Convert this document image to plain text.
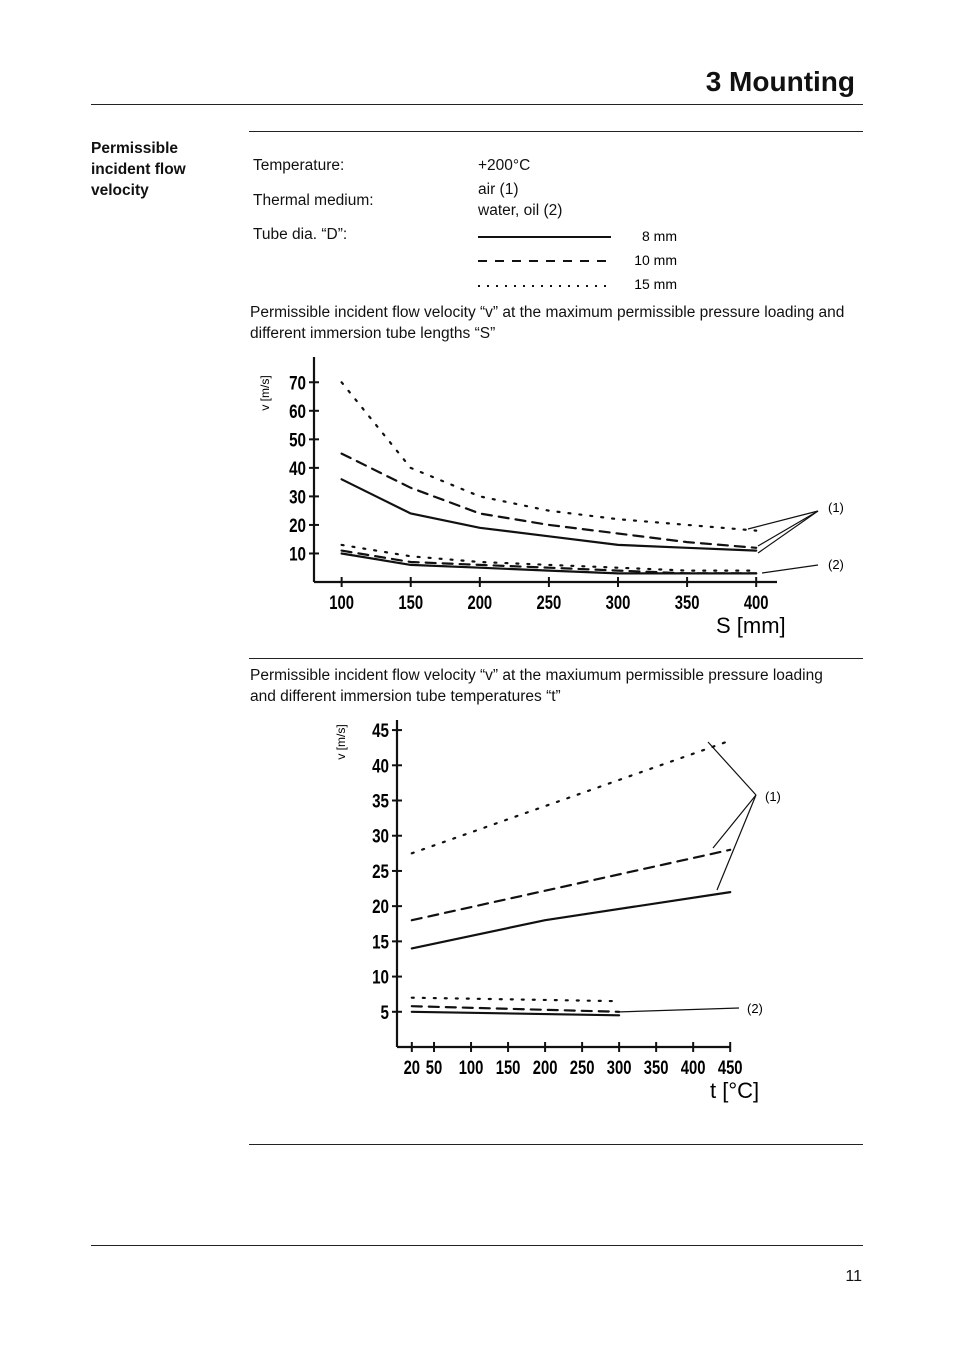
3 Mounting
Permissible incident flow velocity
Temperature:	+200°C
Thermal medium:
air (1)
water, oil (2)
Tube dia. “D”:	8 mm
10 mm
15 mm
Permissible incident flow velocity “v” at the maximum permissible pressure loading and different immersion tube lengths “S”
10
20
30
40
50
60
70
100 150 200 250 300 350 400
v [m/s]
S [mm]
(1)
(2)
Permissible incident flow velocity “v” at the maxiumum permissible pressure loading and different immersion tube temperatures “t”
5
10
15
20
25
30
35
40
45
20 50 100 150 200 250 300 350 400 450
v [m/s]
t [°C]
(1)
(2)
11
